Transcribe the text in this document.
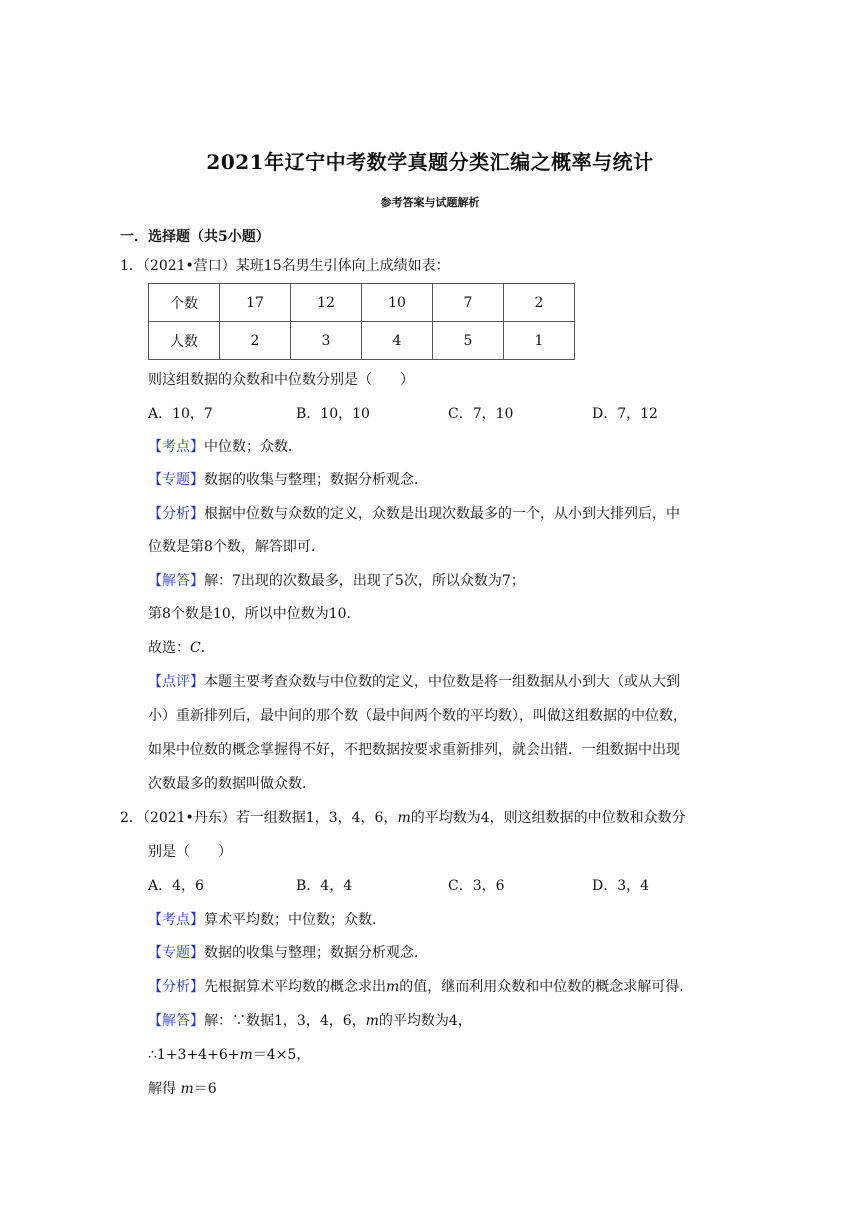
2021年辽宁中考数学真题分类汇编之概率与统计
参考答案与试题解析
一．选择题（共5小题）
1．（2021•营口）某班15名男生引体向上成绩如表：
个数	17	12	10	7	2
人数	2	3	4	5	1
则这组数据的众数和中位数分别是（　　）
A．10，7	B．10，10	C．7，10	D．7，12
【考点】中位数；众数．
【专题】数据的收集与整理；数据分析观念．
【分析】根据中位数与众数的定义，众数是出现次数最多的一个，从小到大排列后，中
位数是第8个数，解答即可．
【解答】解：7出现的次数最多，出现了5次，所以众数为7；
第8个数是10，所以中位数为10．
故选：C．
【点评】本题主要考查众数与中位数的定义，中位数是将一组数据从小到大（或从大到
小）重新排列后，最中间的那个数（最中间两个数的平均数），叫做这组数据的中位数，
如果中位数的概念掌握得不好，不把数据按要求重新排列，就会出错．一组数据中出现
次数最多的数据叫做众数．
2．（2021•丹东）若一组数据1，3，4，6，m的平均数为4，则这组数据的中位数和众数分
别是（　　）
A．4，6	B．4，4	C．3，6	D．3，4
【考点】算术平均数；中位数；众数．
【专题】数据的收集与整理；数据分析观念．
【分析】先根据算术平均数的概念求出m的值，继而利用众数和中位数的概念求解可得．
【解答】解：∵数据1，3，4，6，m的平均数为4，
∴1+3+4+6+m＝4×5，
解得 m＝6
